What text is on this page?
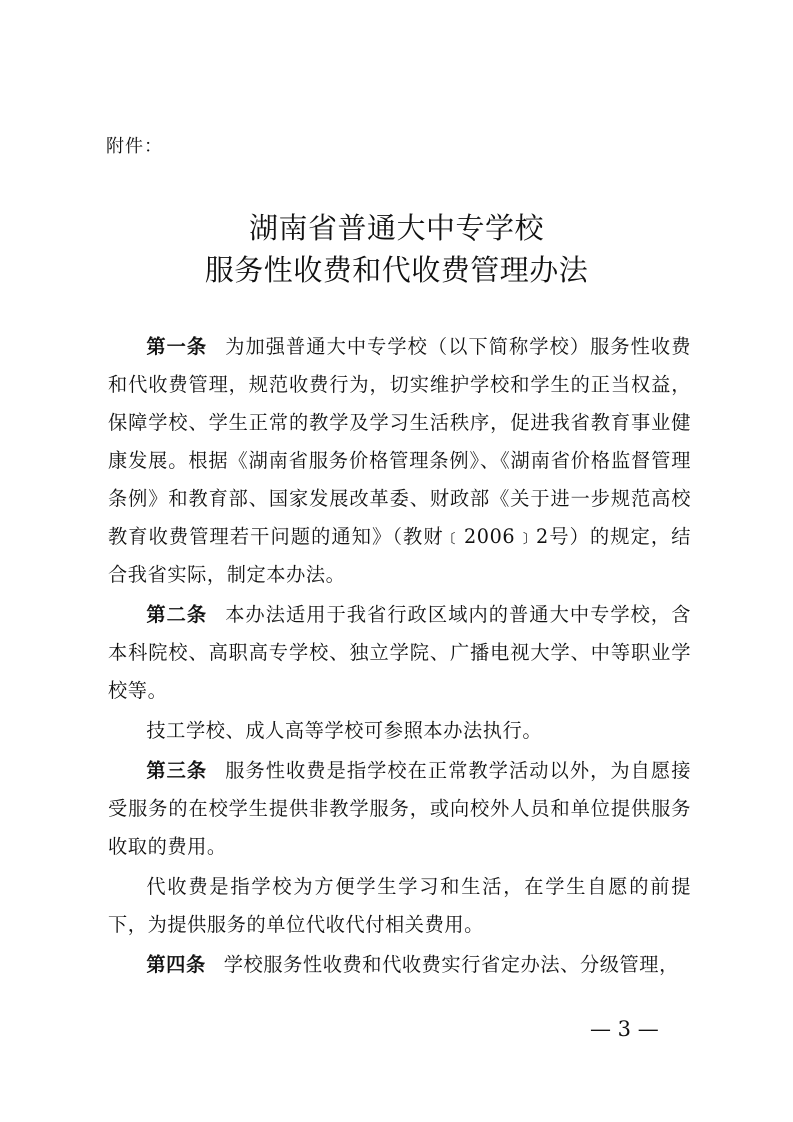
附件：
湖南省普通大中专学校
服务性收费和代收费管理办法

第一条 为加强普通大中专学校（以下简称学校）服务性收费和代收费管理，规范收费行为，切实维护学校和学生的正当权益，保障学校、学生正常的教学及学习生活秩序，促进我省教育事业健康发展。根据《湖南省服务价格管理条例》、《湖南省价格监督管理条例》和教育部、国家发展改革委、财政部《关于进一步规范高校教育收费管理若干问题的通知》（教财﹝2006﹞2号）的规定，结合我省实际，制定本办法。

第二条 本办法适用于我省行政区域内的普通大中专学校，含本科院校、高职高专学校、独立学院、广播电视大学、中等职业学校等。

技工学校、成人高等学校可参照本办法执行。

第三条 服务性收费是指学校在正常教学活动以外，为自愿接受服务的在校学生提供非教学服务，或向校外人员和单位提供服务收取的费用。

代收费是指学校为方便学生学习和生活，在学生自愿的前提下，为提供服务的单位代收代付相关费用。

第四条 学校服务性收费和代收费实行省定办法、分级管理，

— 3 —
